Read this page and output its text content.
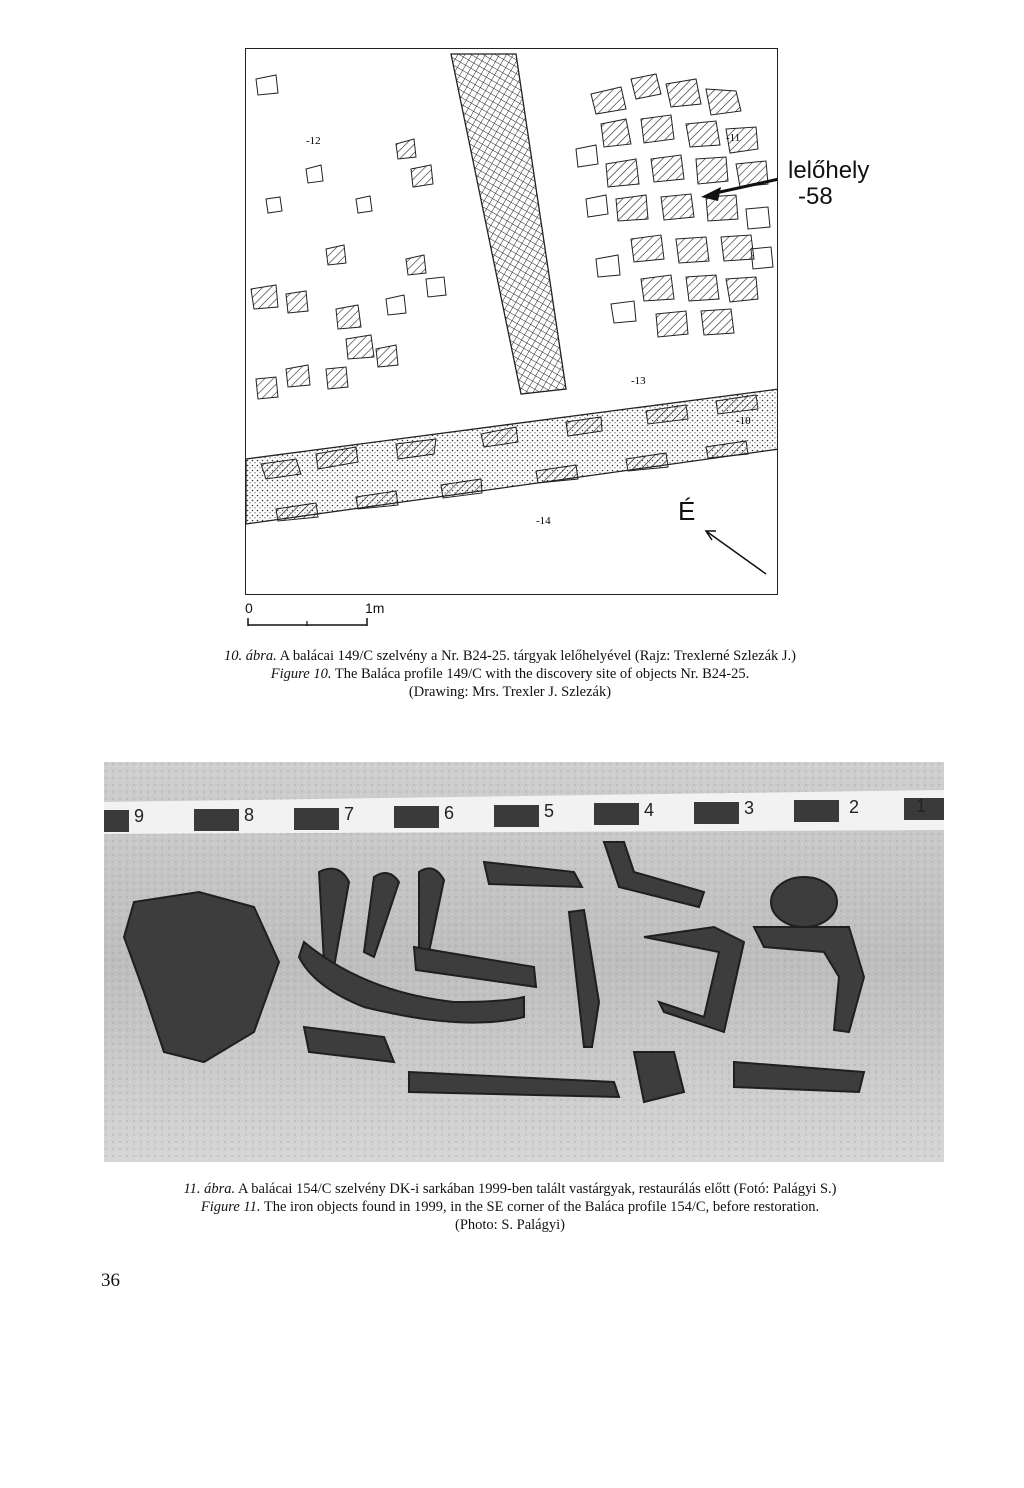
-12	-11
-13
-10
-14
lelőhely
-58
É
0	1m
10. ábra. A balácai 149/C szelvény a Nr. B24-25. tárgyak lelőhelyével (Rajz: Trexlerné Szlezák J.)
Figure 10. The Baláca profile 149/C with the discovery site of objects Nr. B24-25.
(Drawing: Mrs. Trexler J. Szlezák)
9	8	7	6	5	4	3	2	1
11. ábra. A balácai 154/C szelvény DK-i sarkában 1999-ben talált vastárgyak, restaurálás előtt (Fotó: Palágyi S.)
Figure 11. The iron objects found in 1999, in the SE corner of the Baláca profile 154/C, before restoration.
(Photo: S. Palágyi)
36
